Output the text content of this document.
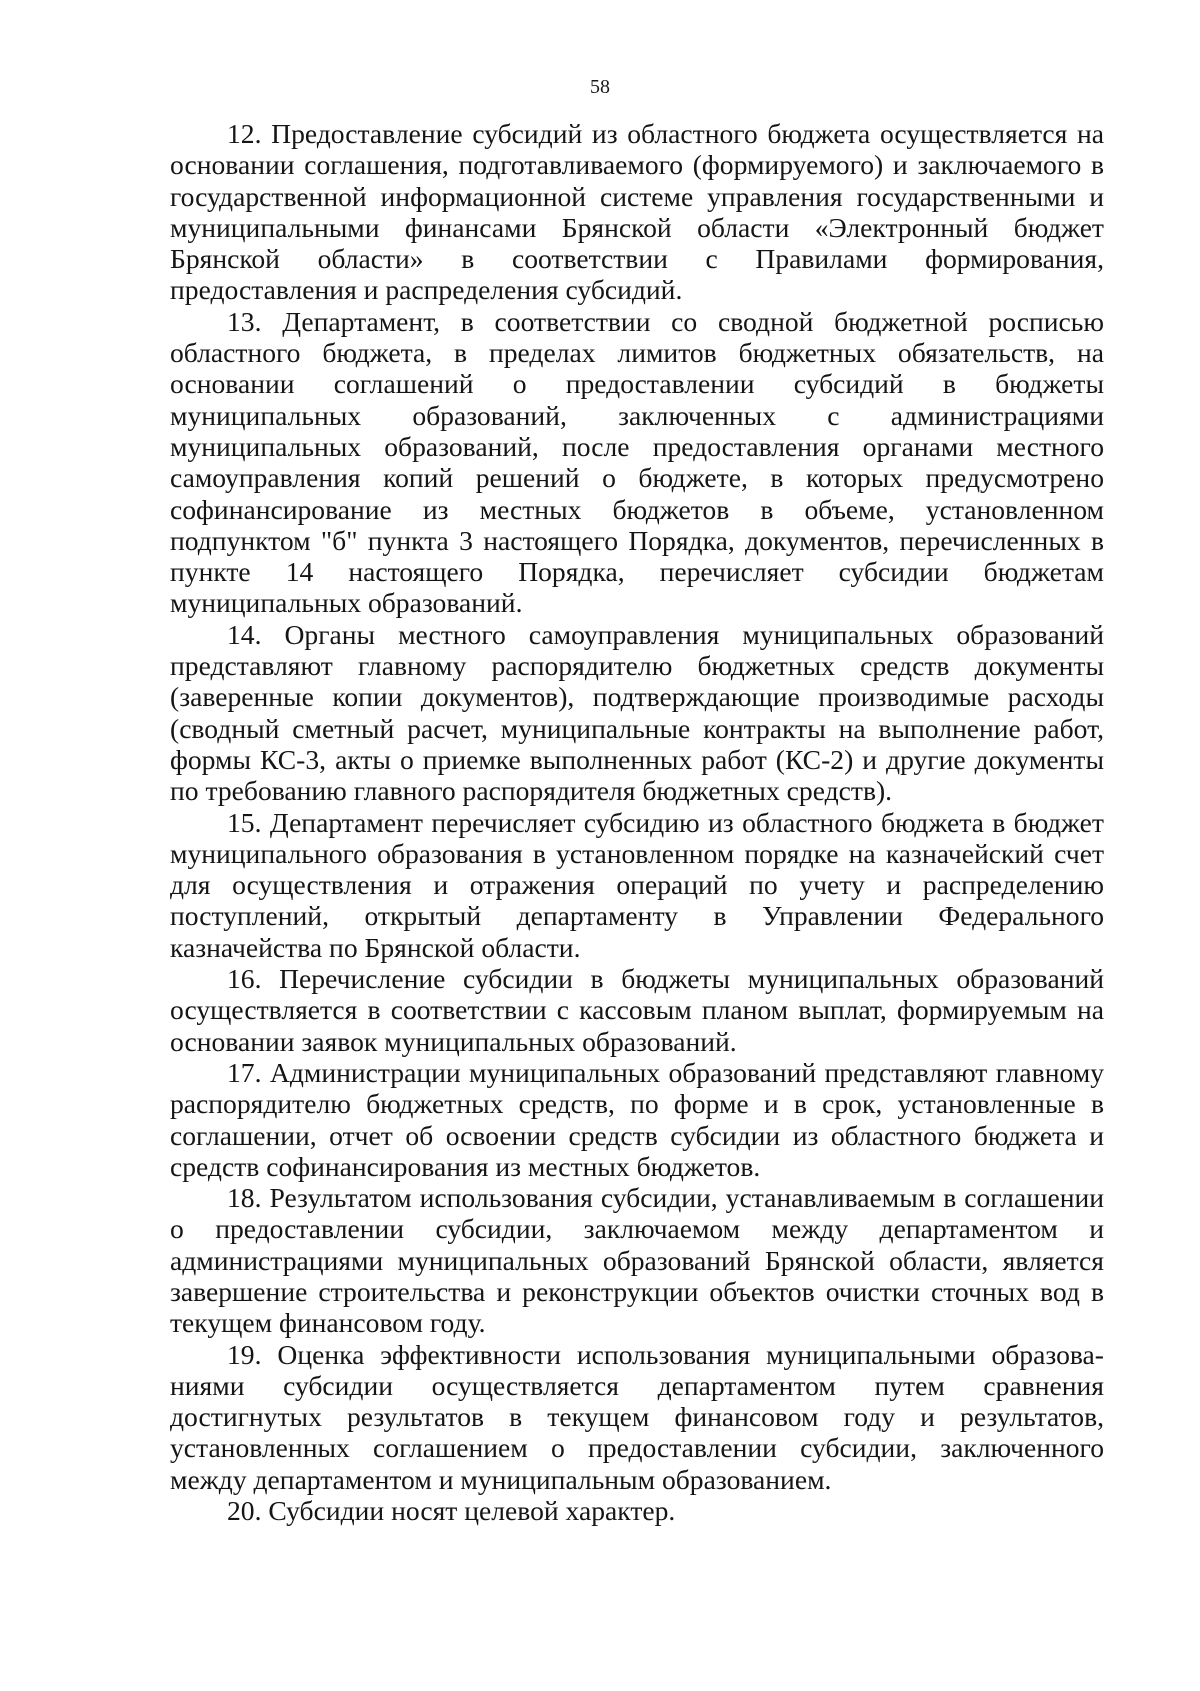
58

12. Предоставление субсидий из областного бюджета осуществляется на основании соглашения, подготавливаемого (формируемого) и заключаемого в государственной информационной системе управления государственными и муниципальными финансами Брянской области «Электронный бюджет Брянской области» в соответствии с Правилами формирования, предоставления и распределения субсидий.

13. Департамент, в соответствии со сводной бюджетной росписью областного бюджета, в пределах лимитов бюджетных обязательств, на основании соглашений о предоставлении субсидий в бюджеты муниципальных образований, заключенных с администрациями муниципальных образований, после предоставления органами местного самоуправления копий решений о бюджете, в которых предусмотрено софинансирование из местных бюджетов в объеме, установленном подпунктом "б" пункта 3 настоящего Порядка, документов, перечисленных в пункте 14 настоящего Порядка, перечисляет субсидии бюджетам муниципальных образований.

14. Органы местного самоуправления муниципальных образований представляют главному распорядителю бюджетных средств документы (заверенные копии документов), подтверждающие производимые расходы (сводный сметный расчет, муниципальные контракты на выполнение работ, формы КС-3, акты о приемке выполненных работ (КС-2) и другие документы по требованию главного распорядителя бюджетных средств).

15. Департамент перечисляет субсидию из областного бюджета в бюджет муниципального образования в установленном порядке на казначейский счет для осуществления и отражения операций по учету и распределению поступлений, открытый департаменту в Управлении Федерального казначейства по Брянской области.

16. Перечисление субсидии в бюджеты муниципальных образований осуществляется в соответствии с кассовым планом выплат, формируемым на основании заявок муниципальных образований.

17. Администрации муниципальных образований представляют главному распорядителю бюджетных средств, по форме и в срок, установленные в соглашении, отчет об освоении средств субсидии из областного бюджета и средств софинансирования из местных бюджетов.

18. Результатом использования субсидии, устанавливаемым в соглашении о предоставлении субсидии, заключаемом между департаментом и администрациями муниципальных образований Брянской области, является завершение строительства и реконструкции объектов очистки сточных вод в текущем финансовом году.

19. Оценка эффективности использования муниципальными образованиями субсидии осуществляется департаментом путем сравнения достигнутых результатов в текущем финансовом году и результатов, установленных соглашением о предоставлении субсидии, заключенного между департаментом и муниципальным образованием.

20. Субсидии носят целевой характер.
